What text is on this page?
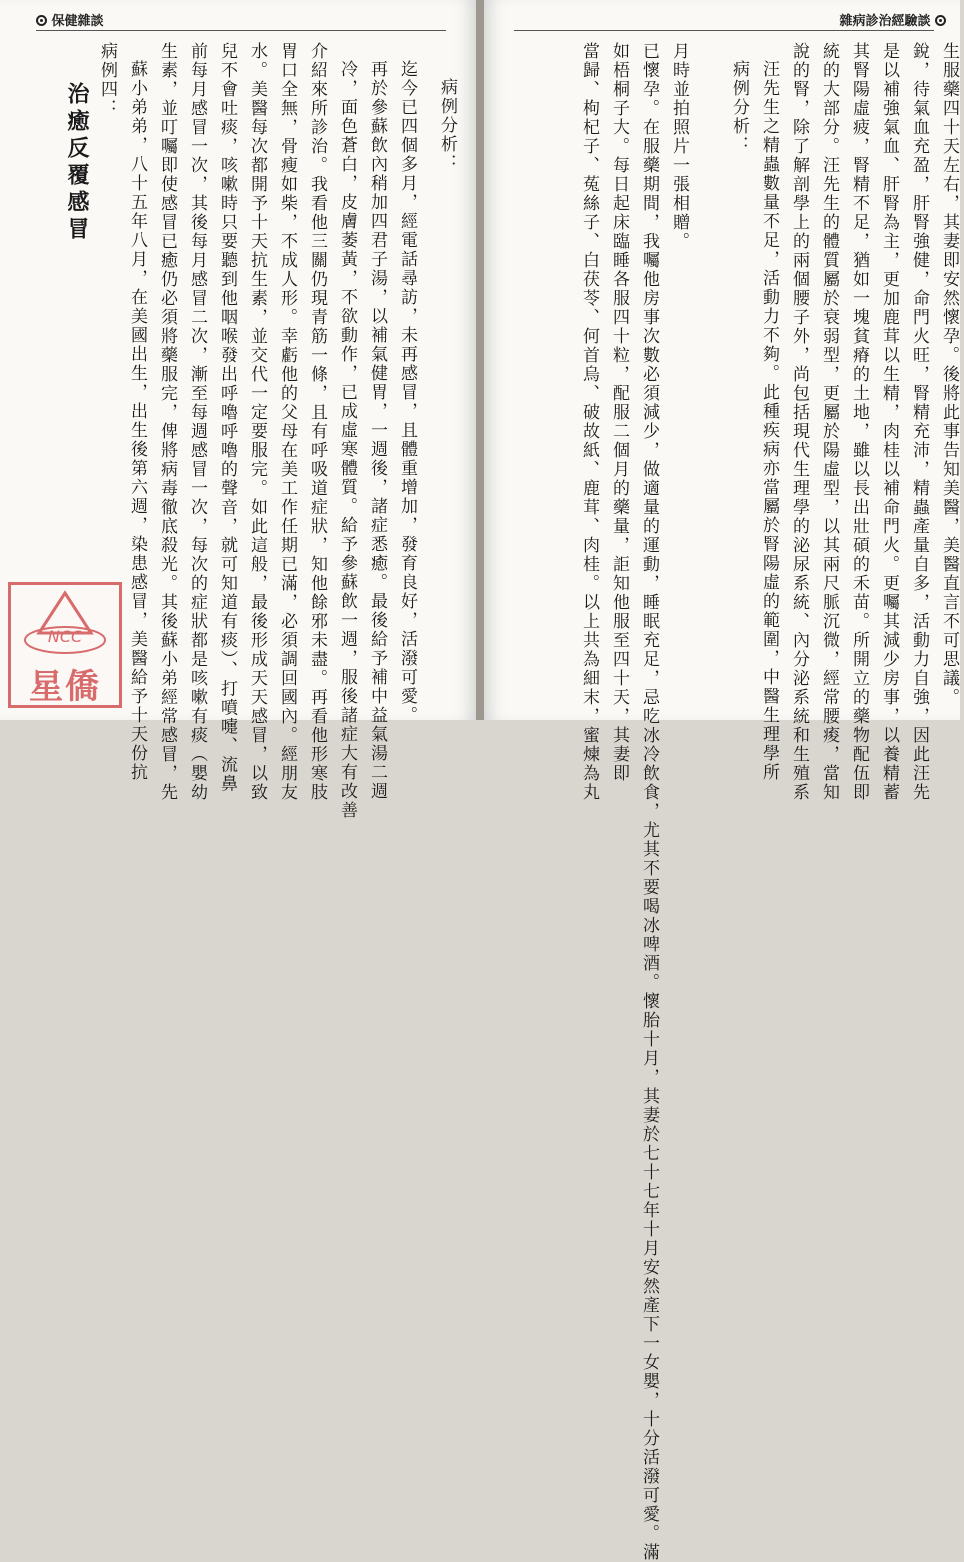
保健雜談
病例分析：
迄今已四個多月，經電話尋訪，未再感冒，且體重增加，發育良好，活潑可愛。
再於參蘇飲內稍加四君子湯，以補氣健胃，一週後，諸症悉癒。最後給予補中益氣湯二週
冷，面色蒼白，皮膚萎黃，不欲動作，已成虛寒體質。給予參蘇飲一週，服後諸症大有改善
介紹來所診治。我看他三關仍現青筋一條，且有呼吸道症狀，知他餘邪未盡。再看他形寒肢
胃口全無，骨瘦如柴，不成人形。幸虧他的父母在美工作任期已滿，必須調回國內。經朋友
水。美醫每次都開予十天抗生素，並交代一定要服完。如此這般，最後形成天天感冒，以致
兒不會吐痰，咳嗽時只要聽到他咽喉發出呼嚕呼嚕的聲音，就可知道有痰）、打噴嚏、流鼻
前每月感冒一次，其後每月感冒二次，漸至每週感冒一次，每次的症狀都是咳嗽有痰（嬰幼
生素，並叮囑即使感冒已癒仍必須將藥服完，俾將病毒徹底殺光。其後蘇小弟經常感冒，先
蘇小弟弟，八十五年八月，在美國出生，出生後第六週，染患感冒，美醫給予十天份抗
病例四：
治癒反覆感冒
雜病診治經驗談
生服藥四十天左右，其妻即安然懷孕。後將此事告知美醫，美醫直言不可思議。
銳，待氣血充盈，肝腎強健，命門火旺，腎精充沛，精蟲產量自多，活動力自強，因此汪先
是以補強氣血、肝腎為主，更加鹿茸以生精，肉桂以補命門火。更囑其減少房事，以養精蓄
其腎陽虛疲，腎精不足，猶如一塊貧瘠的土地，雖以長出壯碩的禾苗。所開立的藥物配伍即
統的大部分。汪先生的體質屬於衰弱型，更屬於陽虛型，以其兩尺脈沉微，經常腰痠，當知
說的腎，除了解剖學上的兩個腰子外，尚包括現代生理學的泌尿系統、內分泌系統和生殖系
汪先生之精蟲數量不足，活動力不夠。此種疾病亦當屬於腎陽虛的範圍，中醫生理學所
病例分析：
月時並拍照片一張相贈。
已懷孕。在服藥期間，我囑他房事次數必須減少，做適量的運動，睡眠充足，忌吃冰冷飲食，尤其不要喝冰啤酒。懷胎十月，其妻於七十七年十月安然產下一女嬰，十分活潑可愛。滿
如梧桐子大。每日起床臨睡各服四十粒，配服二個月的藥量，詎知他服至四十天，其妻即
當歸、枸杞子、菟絲子、白茯苓、何首烏、破故紙、鹿茸、肉桂。以上共為細末，蜜煉為丸
NCC
星僑
